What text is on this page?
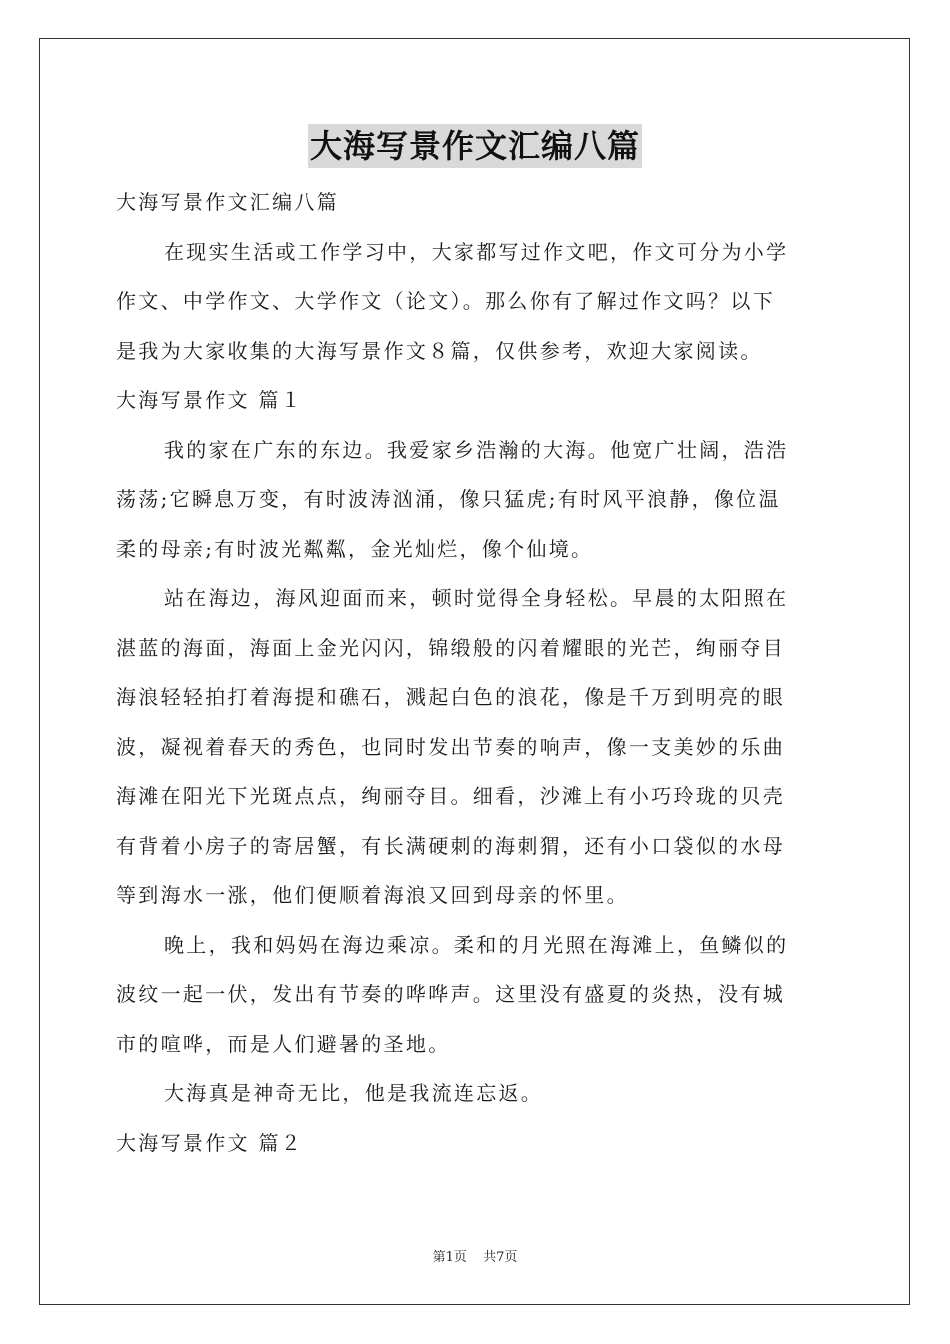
大海写景作文汇编八篇
大海写景作文汇编八篇
在现实生活或工作学习中，大家都写过作文吧，作文可分为小学
作文、中学作文、大学作文（论文）。那么你有了解过作文吗？以下
是我为大家收集的大海写景作文８篇，仅供参考，欢迎大家阅读。
大海写景作文 篇１
我的家在广东的东边。我爱家乡浩瀚的大海。他宽广壮阔，浩浩
荡荡;它瞬息万变，有时波涛汹涌，像只猛虎;有时风平浪静，像位温
柔的母亲;有时波光粼粼，金光灿烂，像个仙境。
站在海边，海风迎面而来，顿时觉得全身轻松。早晨的太阳照在
湛蓝的海面，海面上金光闪闪，锦缎般的闪着耀眼的光芒，绚丽夺目
海浪轻轻拍打着海提和礁石，溅起白色的浪花，像是千万到明亮的眼
波，凝视着春天的秀色，也同时发出节奏的响声，像一支美妙的乐曲
海滩在阳光下光斑点点，绚丽夺目。细看，沙滩上有小巧玲珑的贝壳
有背着小房子的寄居蟹，有长满硬刺的海刺猬，还有小口袋似的水母
等到海水一涨，他们便顺着海浪又回到母亲的怀里。
晚上，我和妈妈在海边乘凉。柔和的月光照在海滩上，鱼鳞似的
波纹一起一伏，发出有节奏的哗哗声。这里没有盛夏的炎热，没有城
市的喧哗，而是人们避暑的圣地。
大海真是神奇无比，他是我流连忘返。
大海写景作文 篇２
第1页 共7页
